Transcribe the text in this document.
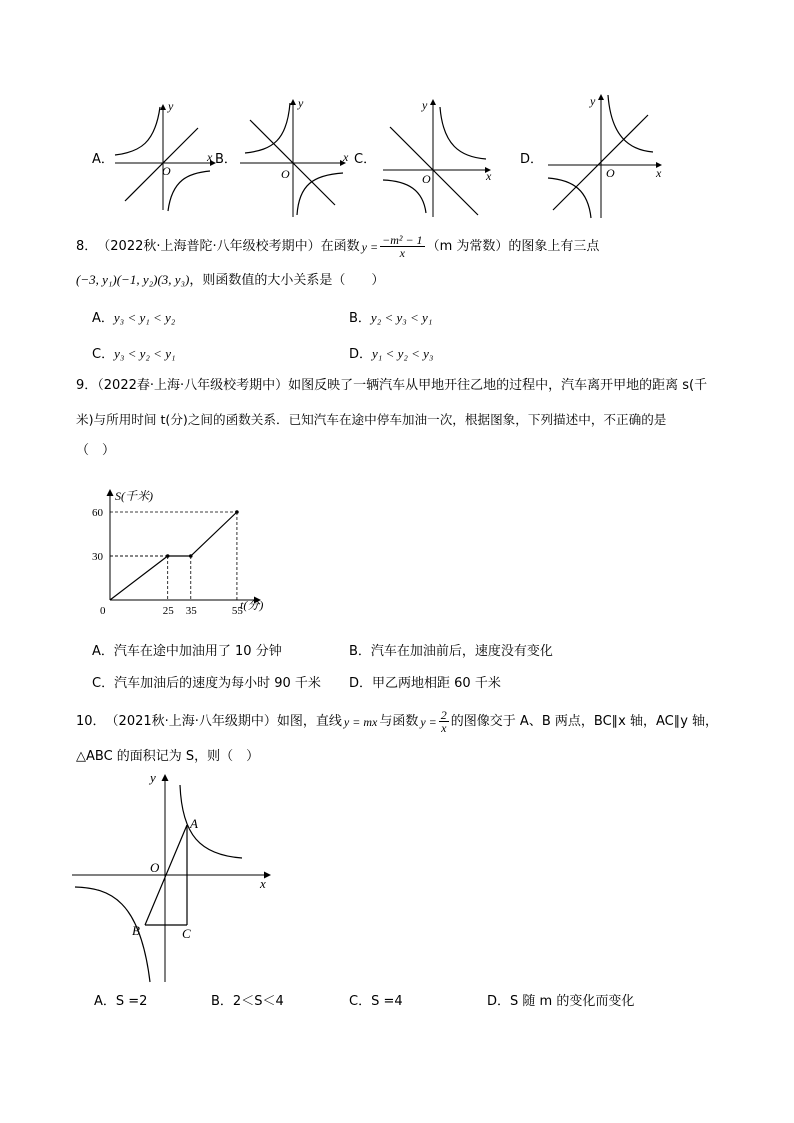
A．	x
y
O
B．	x
y
O
C．
x
y
O
D．
x
y
O
8． （2022秋·上海普陀·八年级校考期中） 在函数 $y = \frac{\text{−m² − 1}}{x} (m$ 为常数）的图象上有三点
(−3, y₁)(−1, y₂)(3, y₃)，则函数值的大小关系是（　　）
A．y₃ < y₁ < y₂	B．y₂ < y₃ < y₁
C．y₃ < y₂ < y₁	D．y₁ < y₂ < y₃
9．（2022春·上海·八年级校考期中）如图反映了一辆汽车从甲地开往乙地的过程中，汽车离开甲地的距离 s(千
米)与所用时间 t(分)之间的函数关系．已知汽车在途中停车加油一次，根据图象，下列描述中，不正确的是
（　）
0	25 35	55
30
60
S(千米)
t(分)
A．汽车在途中加油用了 10 分钟	B．汽车在加油前后，速度没有变化
C．汽车加油后的速度为每小时 90 千米 D．甲乙两地相距 60 千米
10． （2021秋·上海·八年级期中） 如图，直线 y = mx 与函数 $y = \frac{2}{x}$ 的图像交于 A、B 两点，BC∥x 轴，AC∥y 轴，
△ABC 的面积记为 S，则（　）
y
x
O
A
B	C
A．S =2	B．2＜S＜4	C．S =4	D．S 随 m 的变化而变化
